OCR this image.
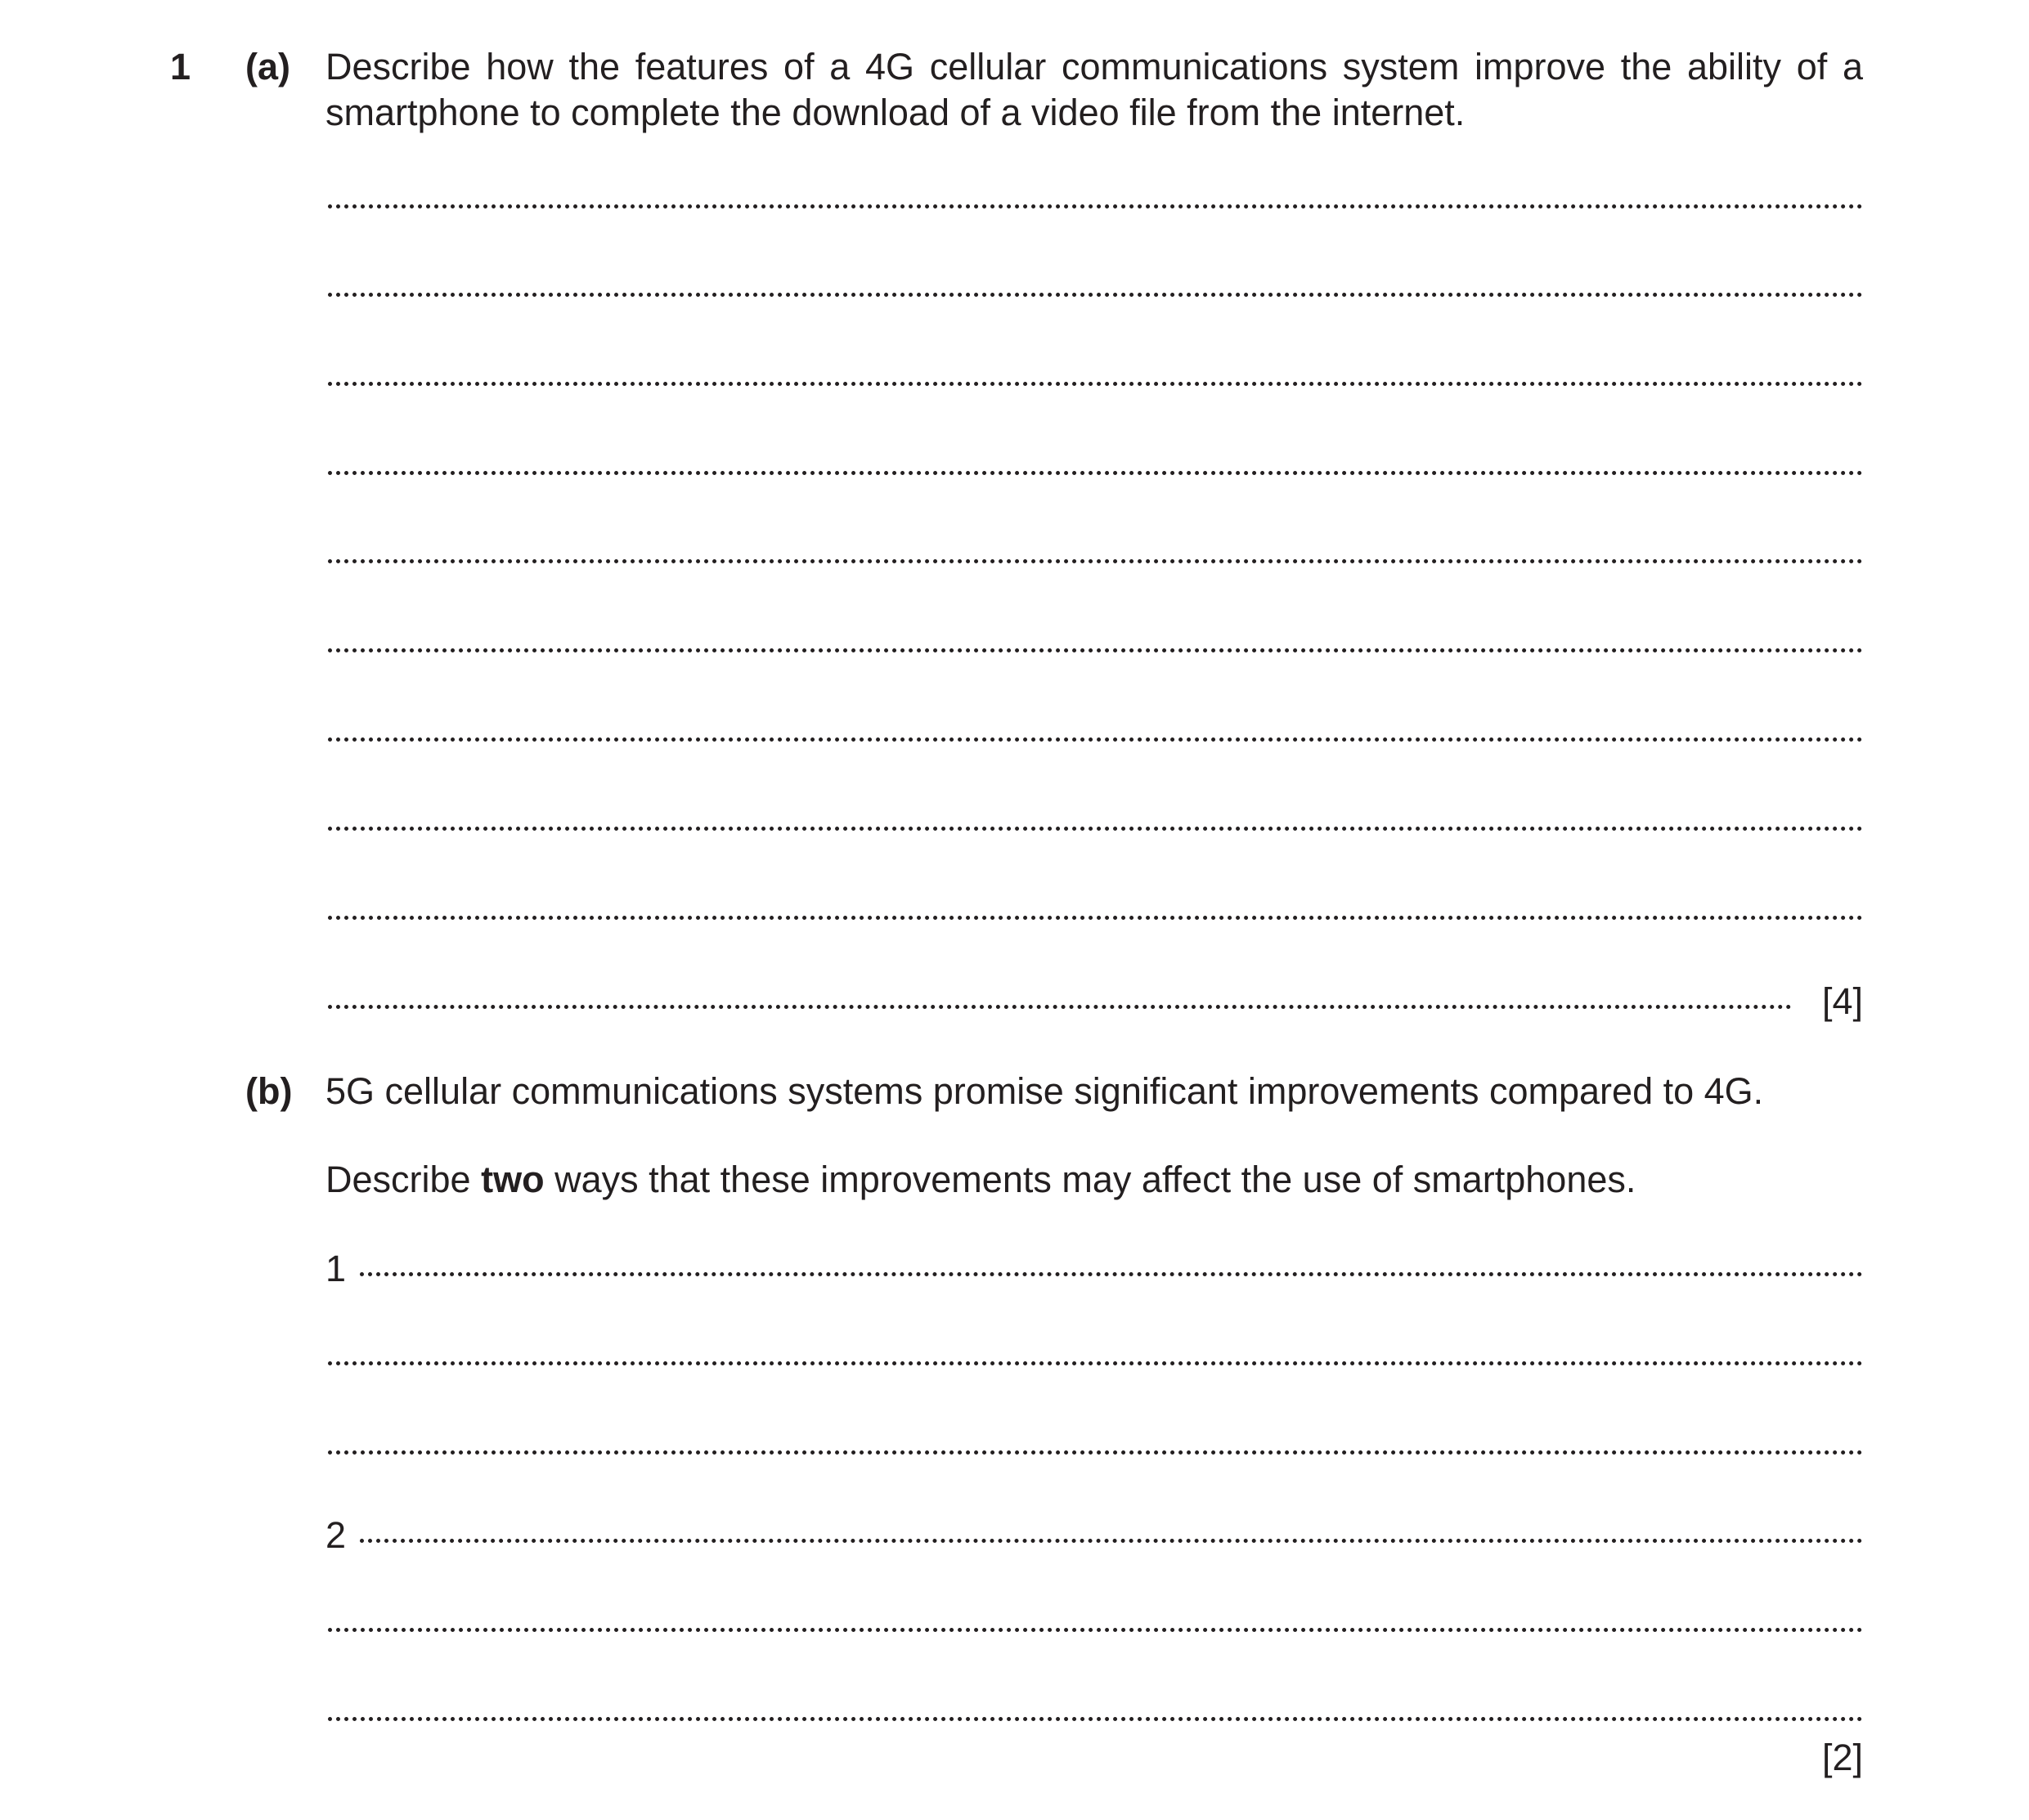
1 (a) Describe how the features of a 4G cellular communications system improve the ability of a smartphone to complete the download of a video file from the internet.
[4]
(b) 5G cellular communications systems promise significant improvements compared to 4G.
Describe two ways that these improvements may affect the use of smartphones.
1
2
[2]
